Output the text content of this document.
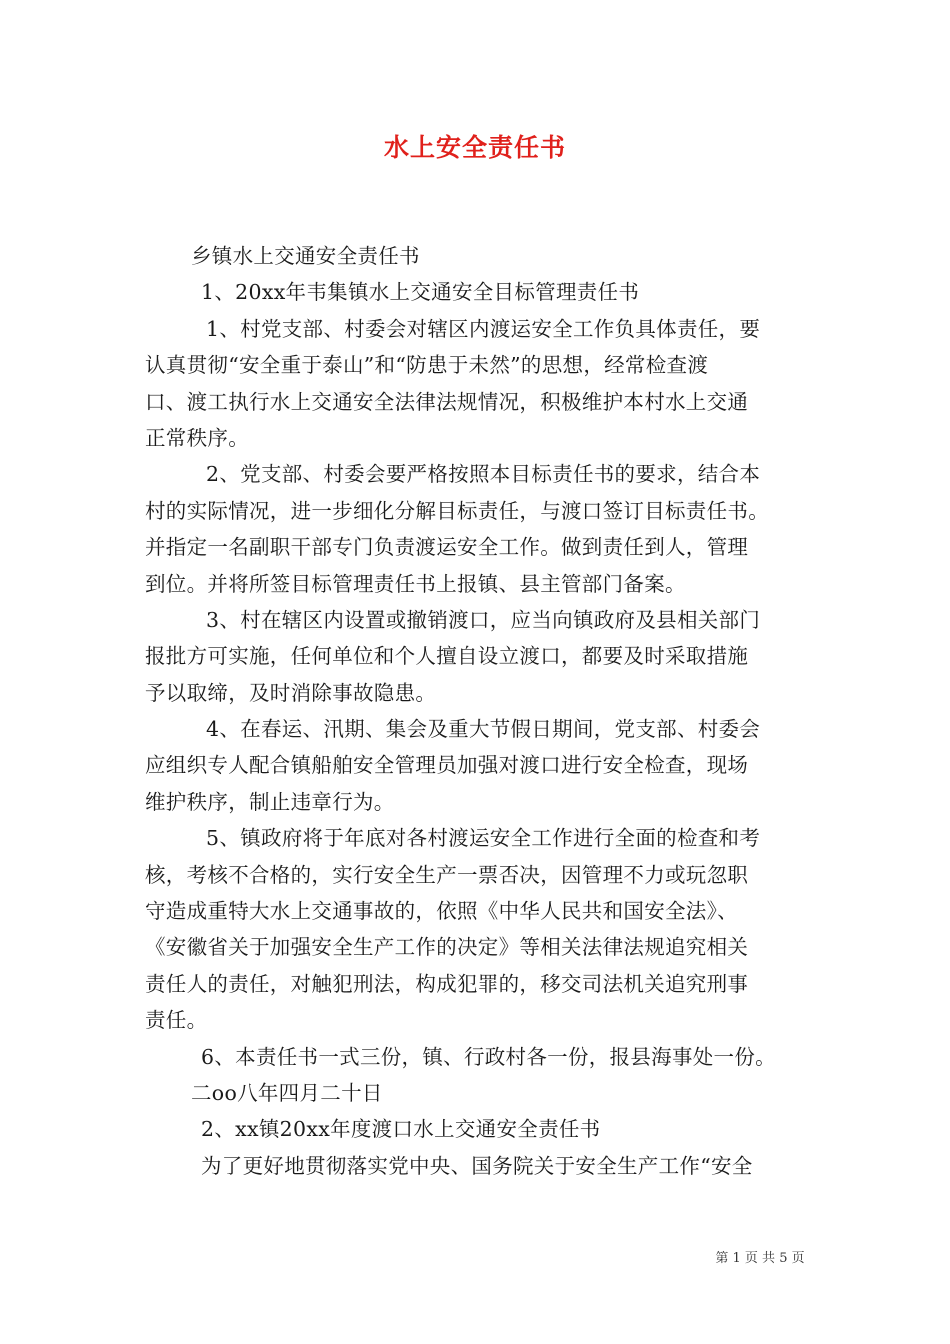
水上安全责任书
乡镇水上交通安全责任书
1、20xx年韦集镇水上交通安全目标管理责任书
1、村党支部、村委会对辖区内渡运安全工作负具体责任，要
认真贯彻“安全重于泰山”和“防患于未然”的思想，经常检查渡
口、渡工执行水上交通安全法律法规情况，积极维护本村水上交通
正常秩序。
2、党支部、村委会要严格按照本目标责任书的要求，结合本
村的实际情况，进一步细化分解目标责任，与渡口签订目标责任书。
并指定一名副职干部专门负责渡运安全工作。做到责任到人，管理
到位。并将所签目标管理责任书上报镇、县主管部门备案。
3、村在辖区内设置或撤销渡口，应当向镇政府及县相关部门
报批方可实施，任何单位和个人擅自设立渡口，都要及时采取措施
予以取缔，及时消除事故隐患。
4、在春运、汛期、集会及重大节假日期间，党支部、村委会
应组织专人配合镇船舶安全管理员加强对渡口进行安全检查，现场
维护秩序，制止违章行为。
5、镇政府将于年底对各村渡运安全工作进行全面的检查和考
核，考核不合格的，实行安全生产一票否决，因管理不力或玩忽职
守造成重特大水上交通事故的，依照《中华人民共和国安全法》、
《安徽省关于加强安全生产工作的决定》等相关法律法规追究相关
责任人的责任，对触犯刑法，构成犯罪的，移交司法机关追究刑事
责任。
6、本责任书一式三份，镇、行政村各一份，报县海事处一份。
二oo八年四月二十日
2、xx镇20xx年度渡口水上交通安全责任书
为了更好地贯彻落实党中央、国务院关于安全生产工作“安全
第 1 页 共 5 页
